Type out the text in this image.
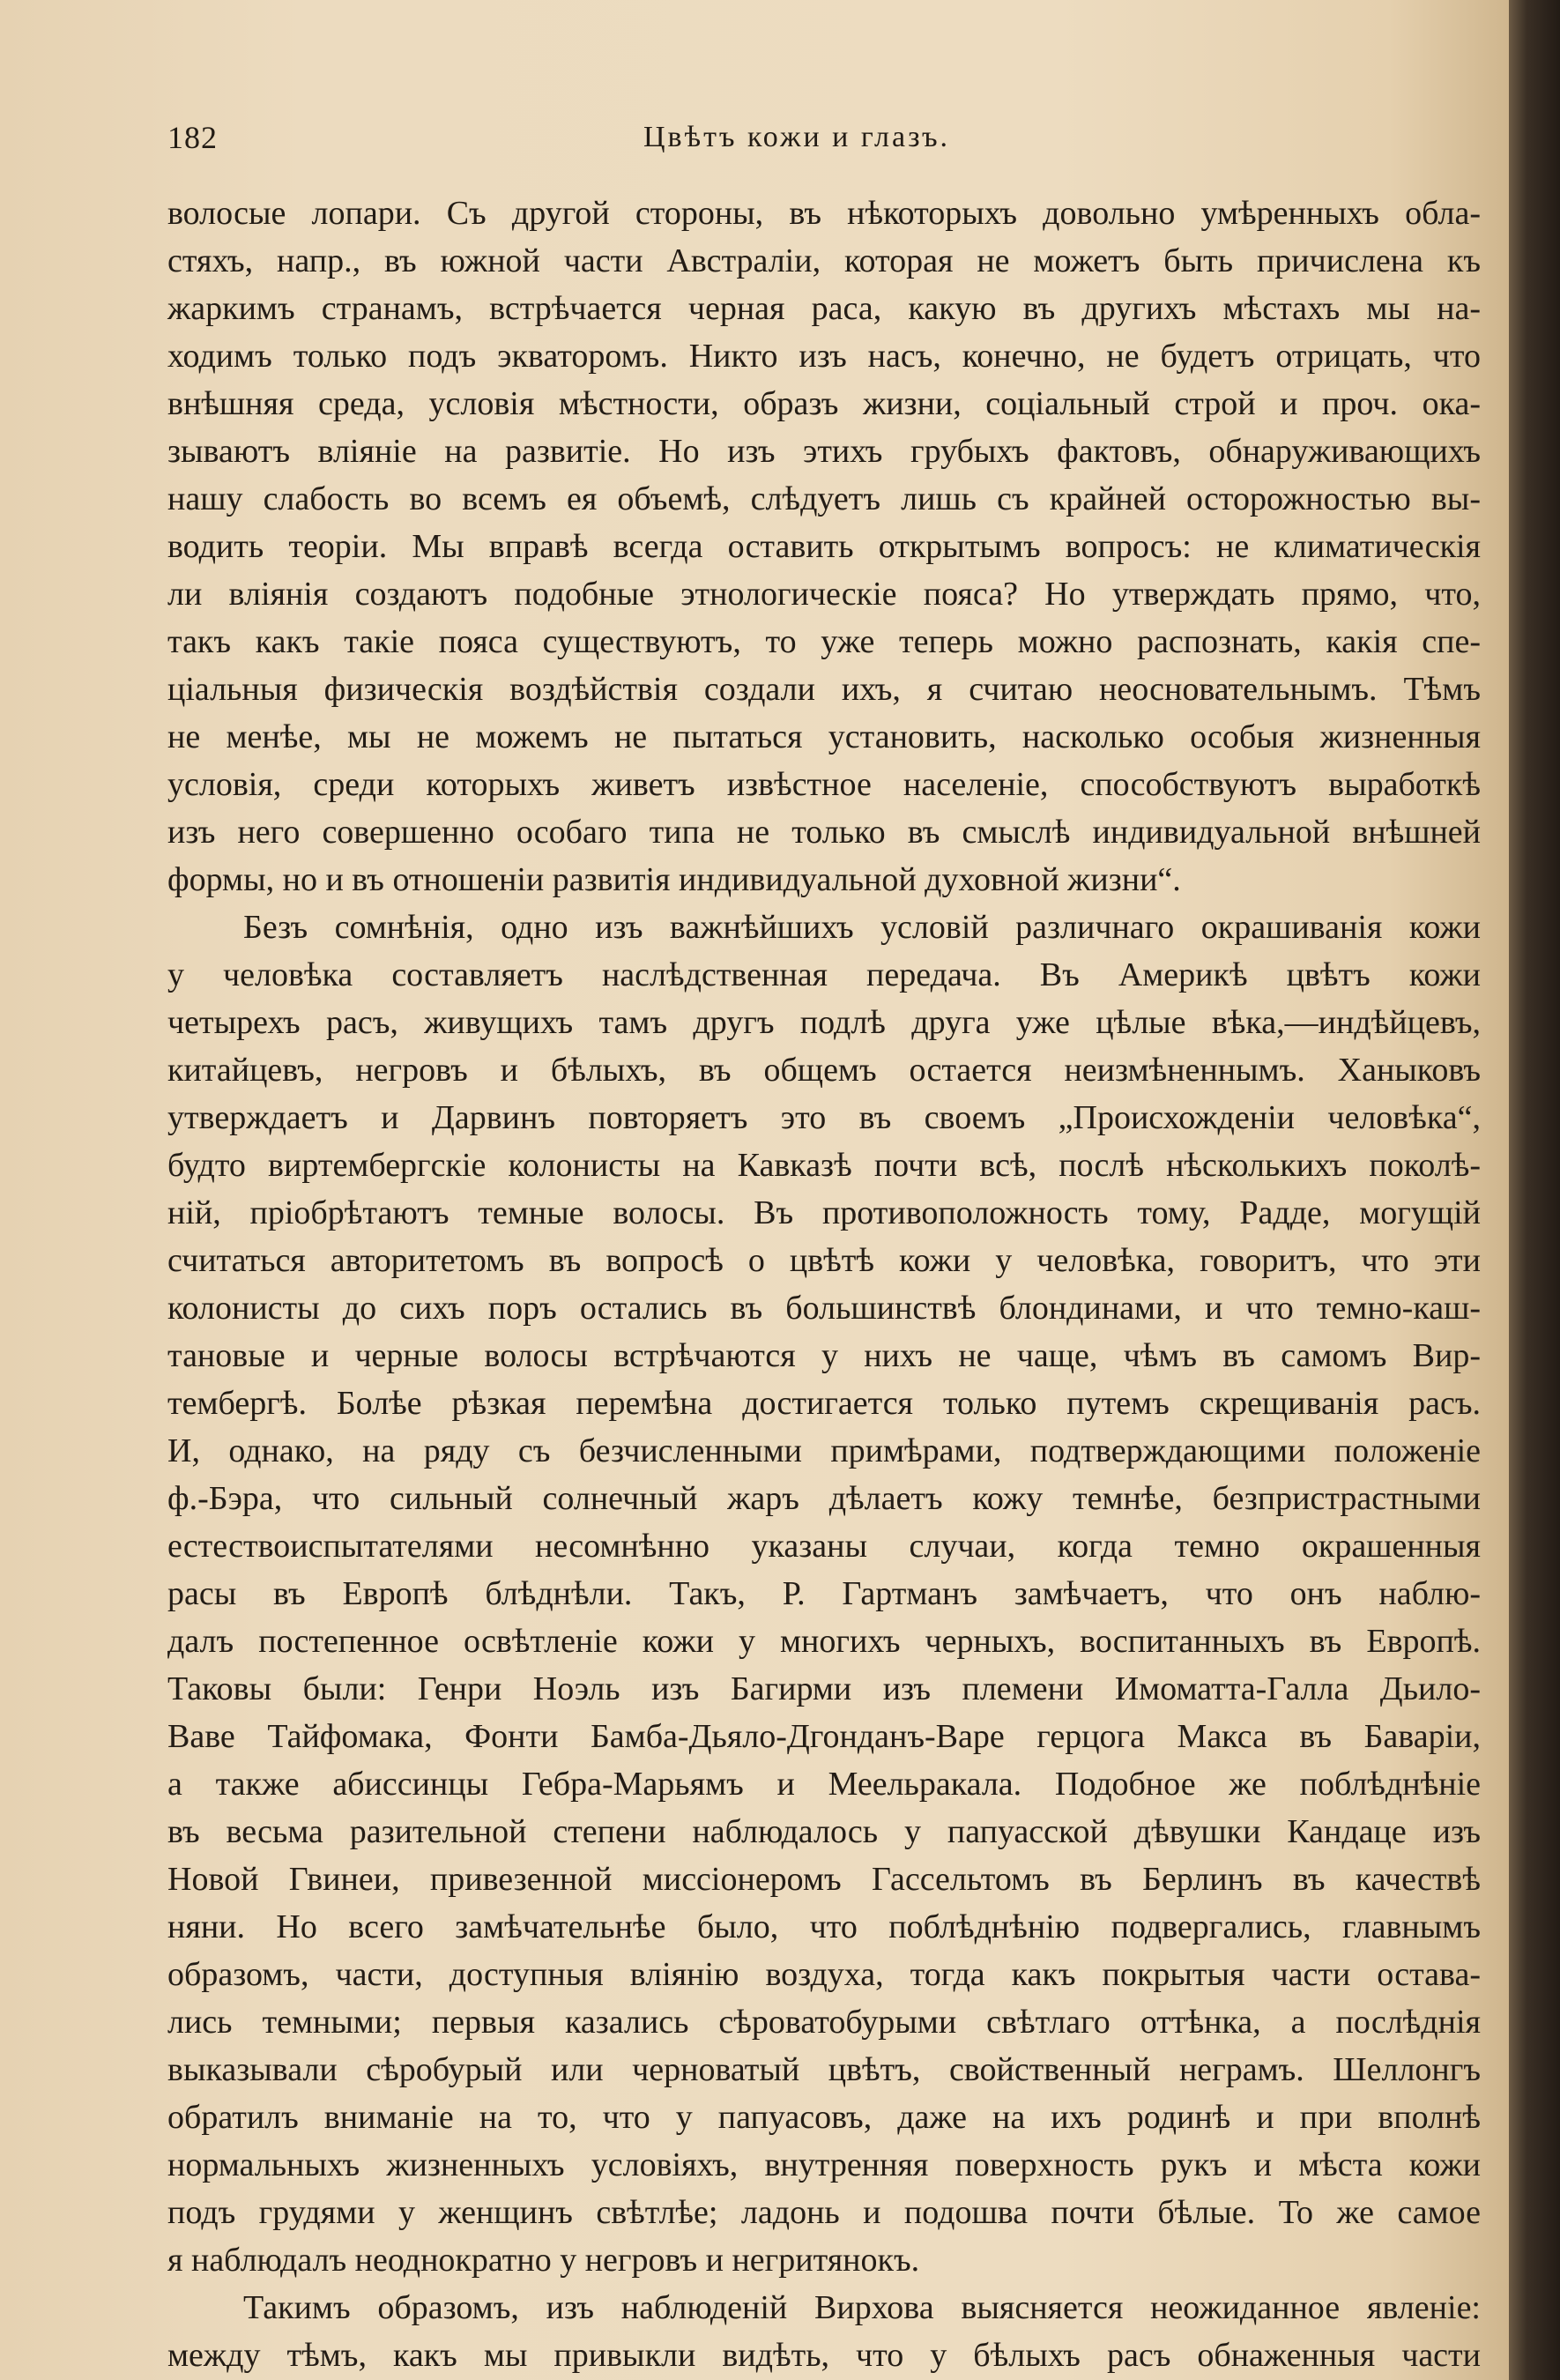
182	Цвѣтъ кожи и глазъ.
волосые лопари. Съ другой стороны, въ нѣкоторыхъ довольно умѣренныхъ обла-
стяхъ, напр., въ южной части Австраліи, которая не можетъ быть причислена къ
жаркимъ странамъ, встрѣчается черная раса, какую въ другихъ мѣстахъ мы на-
ходимъ только подъ экваторомъ. Никто изъ насъ, конечно, не будетъ отрицать, что
внѣшняя среда, условія мѣстности, образъ жизни, соціальный строй и проч. ока-
зываютъ вліяніе на развитіе. Но изъ этихъ грубыхъ фактовъ, обнаруживающихъ
нашу слабость во всемъ ея объемѣ, слѣдуетъ лишь съ крайней осторожностью вы-
водить теоріи. Мы вправѣ всегда оставить открытымъ вопросъ: не климатическія
ли вліянія создаютъ подобные этнологическіе пояса? Но утверждать прямо, что,
такъ какъ такіе пояса существуютъ, то уже теперь можно распознать, какія спе-
ціальныя физическія воздѣйствія создали ихъ, я считаю неосновательнымъ. Тѣмъ
не менѣе, мы не можемъ не пытаться установить, насколько особыя жизненныя
условія, среди которыхъ живетъ извѣстное населеніе, способствуютъ выработкѣ
изъ него совершенно особаго типа не только въ смыслѣ индивидуальной внѣшней
формы, но и въ отношеніи развитія индивидуальной духовной жизни“.
Безъ сомнѣнія, одно изъ важнѣйшихъ условій различнаго окрашиванія кожи
у человѣка составляетъ наслѣдственная передача. Въ Америкѣ цвѣтъ кожи
четырехъ расъ, живущихъ тамъ другъ подлѣ друга уже цѣлые вѣка,—индѣйцевъ,
китайцевъ, негровъ и бѣлыхъ, въ общемъ остается неизмѣненнымъ. Ханыковъ
утверждаетъ и Дарвинъ повторяетъ это въ своемъ „Происхожденіи человѣка“,
будто виртембергскіе колонисты на Кавказѣ почти всѣ, послѣ нѣсколькихъ поколѣ-
ній, пріобрѣтаютъ темные волосы. Въ противоположность тому, Радде, могущій
считаться авторитетомъ въ вопросѣ о цвѣтѣ кожи у человѣка, говоритъ, что эти
колонисты до сихъ поръ остались въ большинствѣ блондинами, и что темно-каш-
тановые и черные волосы встрѣчаются у нихъ не чаще, чѣмъ въ самомъ Вир-
тембергѣ. Болѣе рѣзкая перемѣна достигается только путемъ скрещиванія расъ.
И, однако, на ряду съ безчисленными примѣрами, подтверждающими положеніе
ф.-Бэра, что сильный солнечный жаръ дѣлаетъ кожу темнѣе, безпристрастными
естествоиспытателями несомнѣнно указаны случаи, когда темно окрашенныя
расы въ Европѣ блѣднѣли. Такъ, Р. Гартманъ замѣчаетъ, что онъ наблю-
далъ постепенное освѣтленіе кожи у многихъ черныхъ, воспитанныхъ въ Европѣ.
Таковы были: Генри Ноэль изъ Багирми изъ племени Имоматта-Галла Дьило-
Ваве Тайфомака, Фонти Бамба-Дьяло-Дгонданъ-Ваpe герцога Макса въ Баваріи,
а также абиссинцы Гебра-Марьямъ и Меельракала. Подобное же поблѣднѣніе
въ весьма разительной степени наблюдалось у папуасской дѣвушки Кандаце изъ
Новой Гвинеи, привезенной миссіонеромъ Гассельтомъ въ Берлинъ въ качествѣ
няни. Но всего замѣчательнѣе было, что поблѣднѣнію подвергались, главнымъ
образомъ, части, доступныя вліянію воздуха, тогда какъ покрытыя части остава-
лись темными; первыя казались сѣроватобурыми свѣтлаго оттѣнка, а послѣднія
выказывали сѣробурый или черноватый цвѣтъ, свойственный неграмъ. Шеллонгъ
обратилъ вниманіе на то, что у папуасовъ, даже на ихъ родинѣ и при вполнѣ
нормальныхъ жизненныхъ условіяхъ, внутренняя поверхность рукъ и мѣста кожи
подъ грудями у женщинъ свѣтлѣе; ладонь и подошва почти бѣлые. То же самое
я наблюдалъ неоднократно у негровъ и негритянокъ.
Такимъ образомъ, изъ наблюденій Вирхова выясняется неожиданное явленіе:
между тѣмъ, какъ мы привыкли видѣть, что у бѣлыхъ расъ обнаженныя части
